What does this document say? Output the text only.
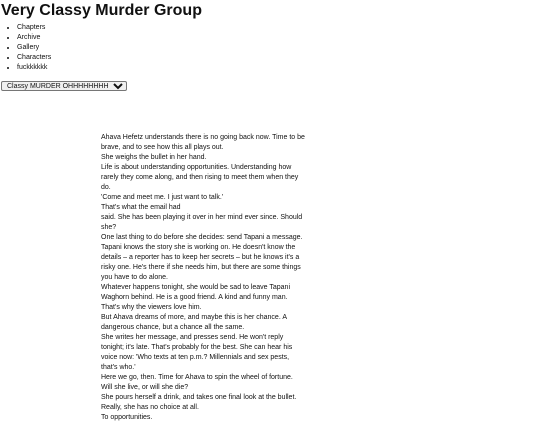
Very Classy Murder Group
• Chapters
• Archive
• Gallery
• Characters
• fuckkkkkk
Classy MURDER OHHHHHHHHHHHH

Ahava Hefetz understands there is no going back now. Time to be brave, and to see how this all plays out.

She weighs the bullet in her hand.

Life is about understanding opportunities. Understanding how rarely they come along, and then rising to meet them when they do.

'Come and meet me. I just want to talk.'

That's what the email had

said. She has been playing it over in her mind ever since. Should she?

One last thing to do before she decides: send Tapani a message. Tapani knows the story she is working on. He doesn't know the details – a reporter has to keep her secrets – but he knows it's a risky one. He's there if she needs him, but there are some things you have to do alone.

Whatever happens tonight, she would be sad to leave Tapani Waghorn behind. He is a good friend. A kind and funny man. That's why the viewers love him.

But Ahava dreams of more, and maybe this is her chance. A dangerous chance, but a chance all the same.

She writes her message, and presses send. He won't reply tonight; it's late. That's probably for the best. She can hear his voice now: 'Who texts at ten p.m.? Millennials and sex pests, that's who.'

Here we go, then. Time for Ahava to spin the wheel of fortune.

Will she live, or will she die?

She pours herself a drink, and takes one final look at the bullet.

Really, she has no choice at all.

To opportunities.
